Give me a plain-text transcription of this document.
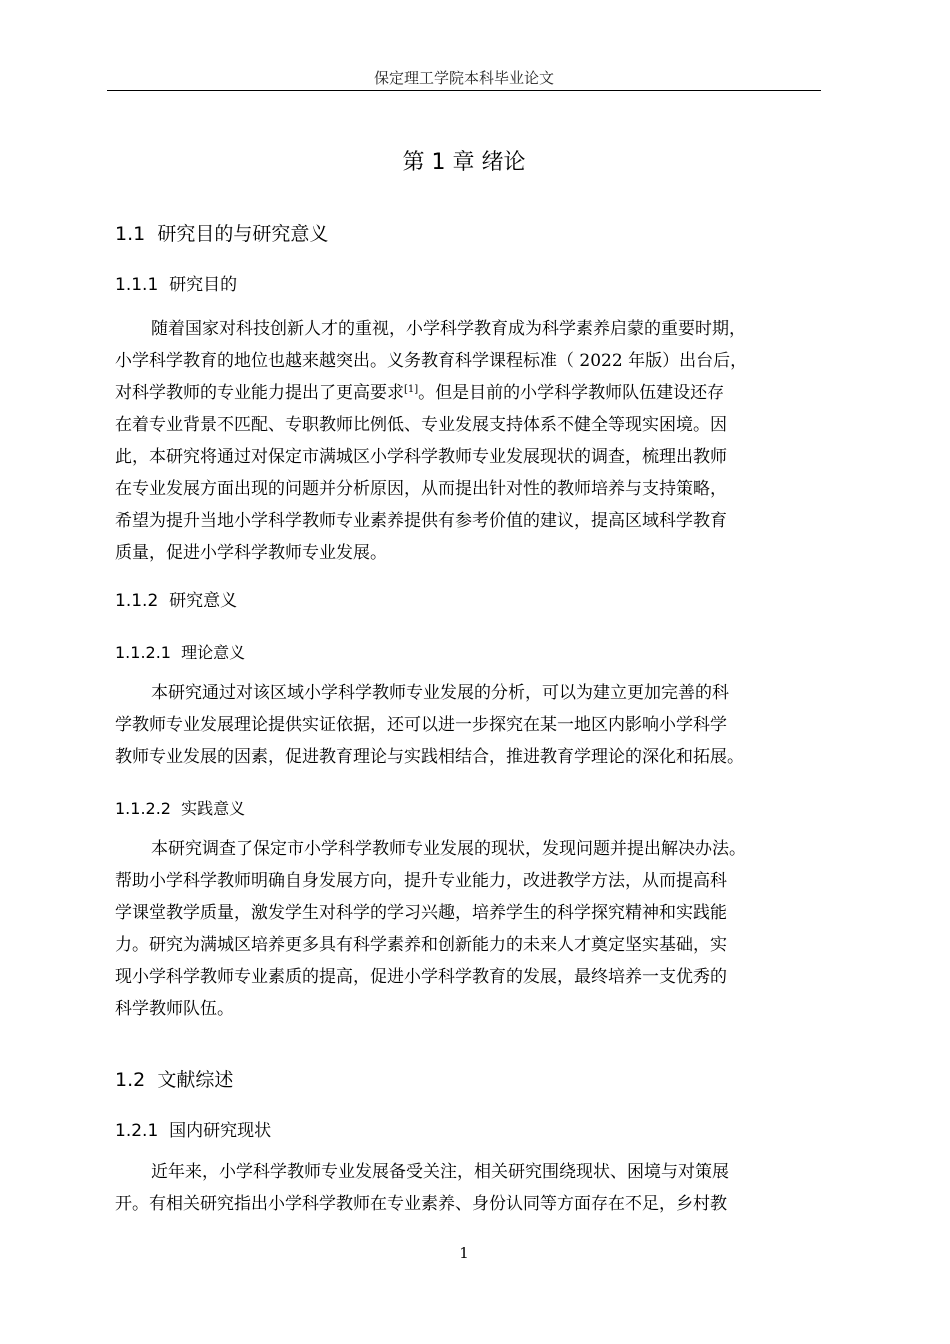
保定理工学院本科毕业论文
第 1 章 绪论
1.1 研究目的与研究意义
1.1.1 研究目的
随着国家对科技创新人才的重视，小学科学教育成为科学素养启蒙的重要时期，
小学科学教育的地位也越来越突出。义务教育科学课程标准（ 2022 年版）出台后，
对科学教师的专业能力提出了更高要求[1]。但是目前的小学科学教师队伍建设还存
在着专业背景不匹配、专职教师比例低、专业发展支持体系不健全等现实困境。因
此，本研究将通过对保定市满城区小学科学教师专业发展现状的调查，梳理出教师
在专业发展方面出现的问题并分析原因，从而提出针对性的教师培养与支持策略，
希望为提升当地小学科学教师专业素养提供有参考价值的建议，提高区域科学教育
质量，促进小学科学教师专业发展。
1.1.2 研究意义
1.1.2.1 理论意义
本研究通过对该区域小学科学教师专业发展的分析，可以为建立更加完善的科
学教师专业发展理论提供实证依据，还可以进一步探究在某一地区内影响小学科学
教师专业发展的因素，促进教育理论与实践相结合，推进教育学理论的深化和拓展。
1.1.2.2 实践意义
本研究调查了保定市小学科学教师专业发展的现状，发现问题并提出解决办法。
帮助小学科学教师明确自身发展方向，提升专业能力，改进教学方法，从而提高科
学课堂教学质量，激发学生对科学的学习兴趣，培养学生的科学探究精神和实践能
力。研究为满城区培养更多具有科学素养和创新能力的未来人才奠定坚实基础，实
现小学科学教师专业素质的提高，促进小学科学教育的发展，最终培养一支优秀的
科学教师队伍。
1.2 文献综述
1.2.1 国内研究现状
近年来，小学科学教师专业发展备受关注，相关研究围绕现状、困境与对策展
开。有相关研究指出小学科学教师在专业素养、身份认同等方面存在不足，乡村教
1
